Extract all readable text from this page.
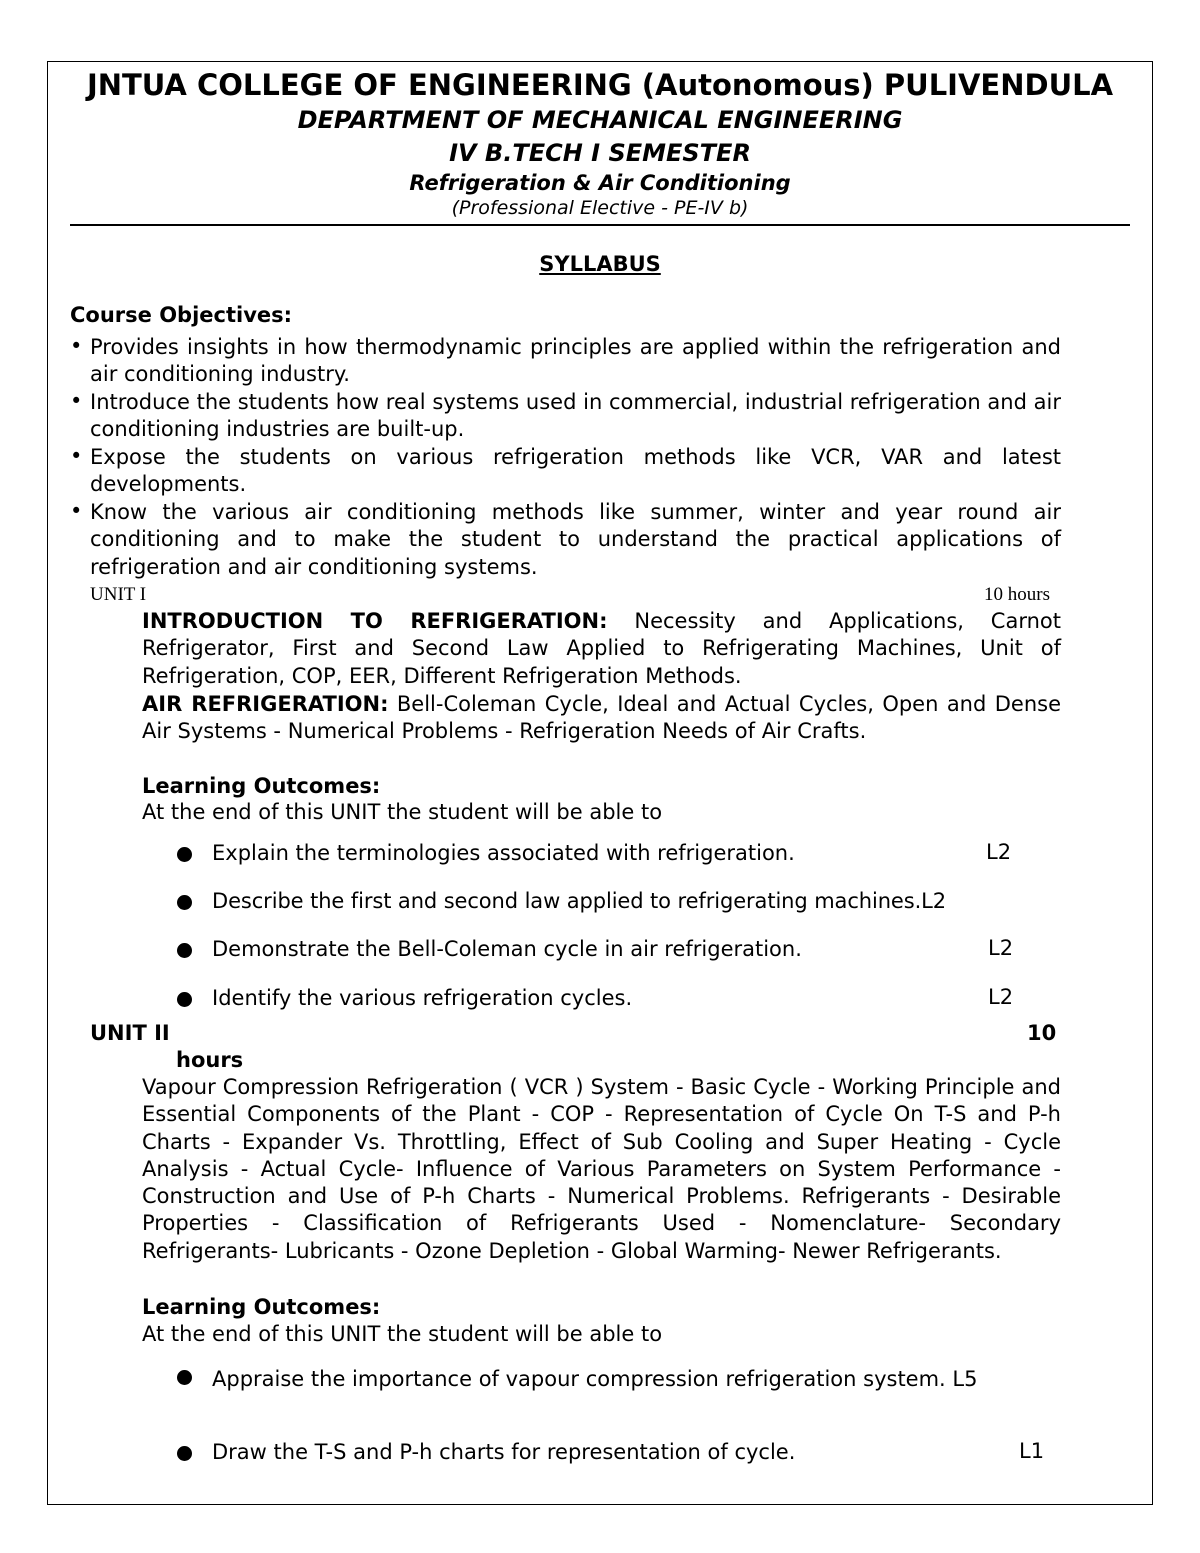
JNTUA COLLEGE OF ENGINEERING (Autonomous) PULIVENDULA
DEPARTMENT OF MECHANICAL ENGINEERING
IV B.TECH I SEMESTER
Refrigeration & Air Conditioning
(Professional Elective - PE-IV b)
SYLLABUS
Course Objectives:
• Provides insights in how thermodynamic principles are applied within the refrigeration and air conditioning industry.
• Introduce the students how real systems used in commercial, industrial refrigeration and air conditioning industries are built-up.
• Expose the students on various refrigeration methods like VCR, VAR and latest developments.
• Know the various air conditioning methods like summer, winter and year round air conditioning and to make the student to understand the practical applications of refrigeration and air conditioning systems.
UNIT I	10 hours
INTRODUCTION TO REFRIGERATION: Necessity and Applications, Carnot Refrigerator, First and Second Law Applied to Refrigerating Machines, Unit of Refrigeration, COP, EER, Different Refrigeration Methods.
AIR REFRIGERATION: Bell-Coleman Cycle, Ideal and Actual Cycles, Open and Dense Air Systems - Numerical Problems - Refrigeration Needs of Air Crafts.
Learning Outcomes:
At the end of this UNIT the student will be able to
Explain the terminologies associated with refrigeration.	L2
Describe the first and second law applied to refrigerating machines.L2
Demonstrate the Bell-Coleman cycle in air refrigeration.	L2
Identify the various refrigeration cycles.	L2
UNIT II	10
hours
Vapour Compression Refrigeration ( VCR ) System - Basic Cycle - Working Principle and Essential Components of the Plant - COP - Representation of Cycle On T-S and P-h Charts - Expander Vs. Throttling, Effect of Sub Cooling and Super Heating - Cycle Analysis - Actual Cycle- Influence of Various Parameters on System Performance - Construction and Use of P-h Charts - Numerical Problems. Refrigerants - Desirable Properties - Classification of Refrigerants Used - Nomenclature- Secondary Refrigerants- Lubricants - Ozone Depletion - Global Warming- Newer Refrigerants.
Learning Outcomes:
At the end of this UNIT the student will be able to
Appraise the importance of vapour compression refrigeration system. L5
Draw the T-S and P-h charts for representation of cycle.	L1
